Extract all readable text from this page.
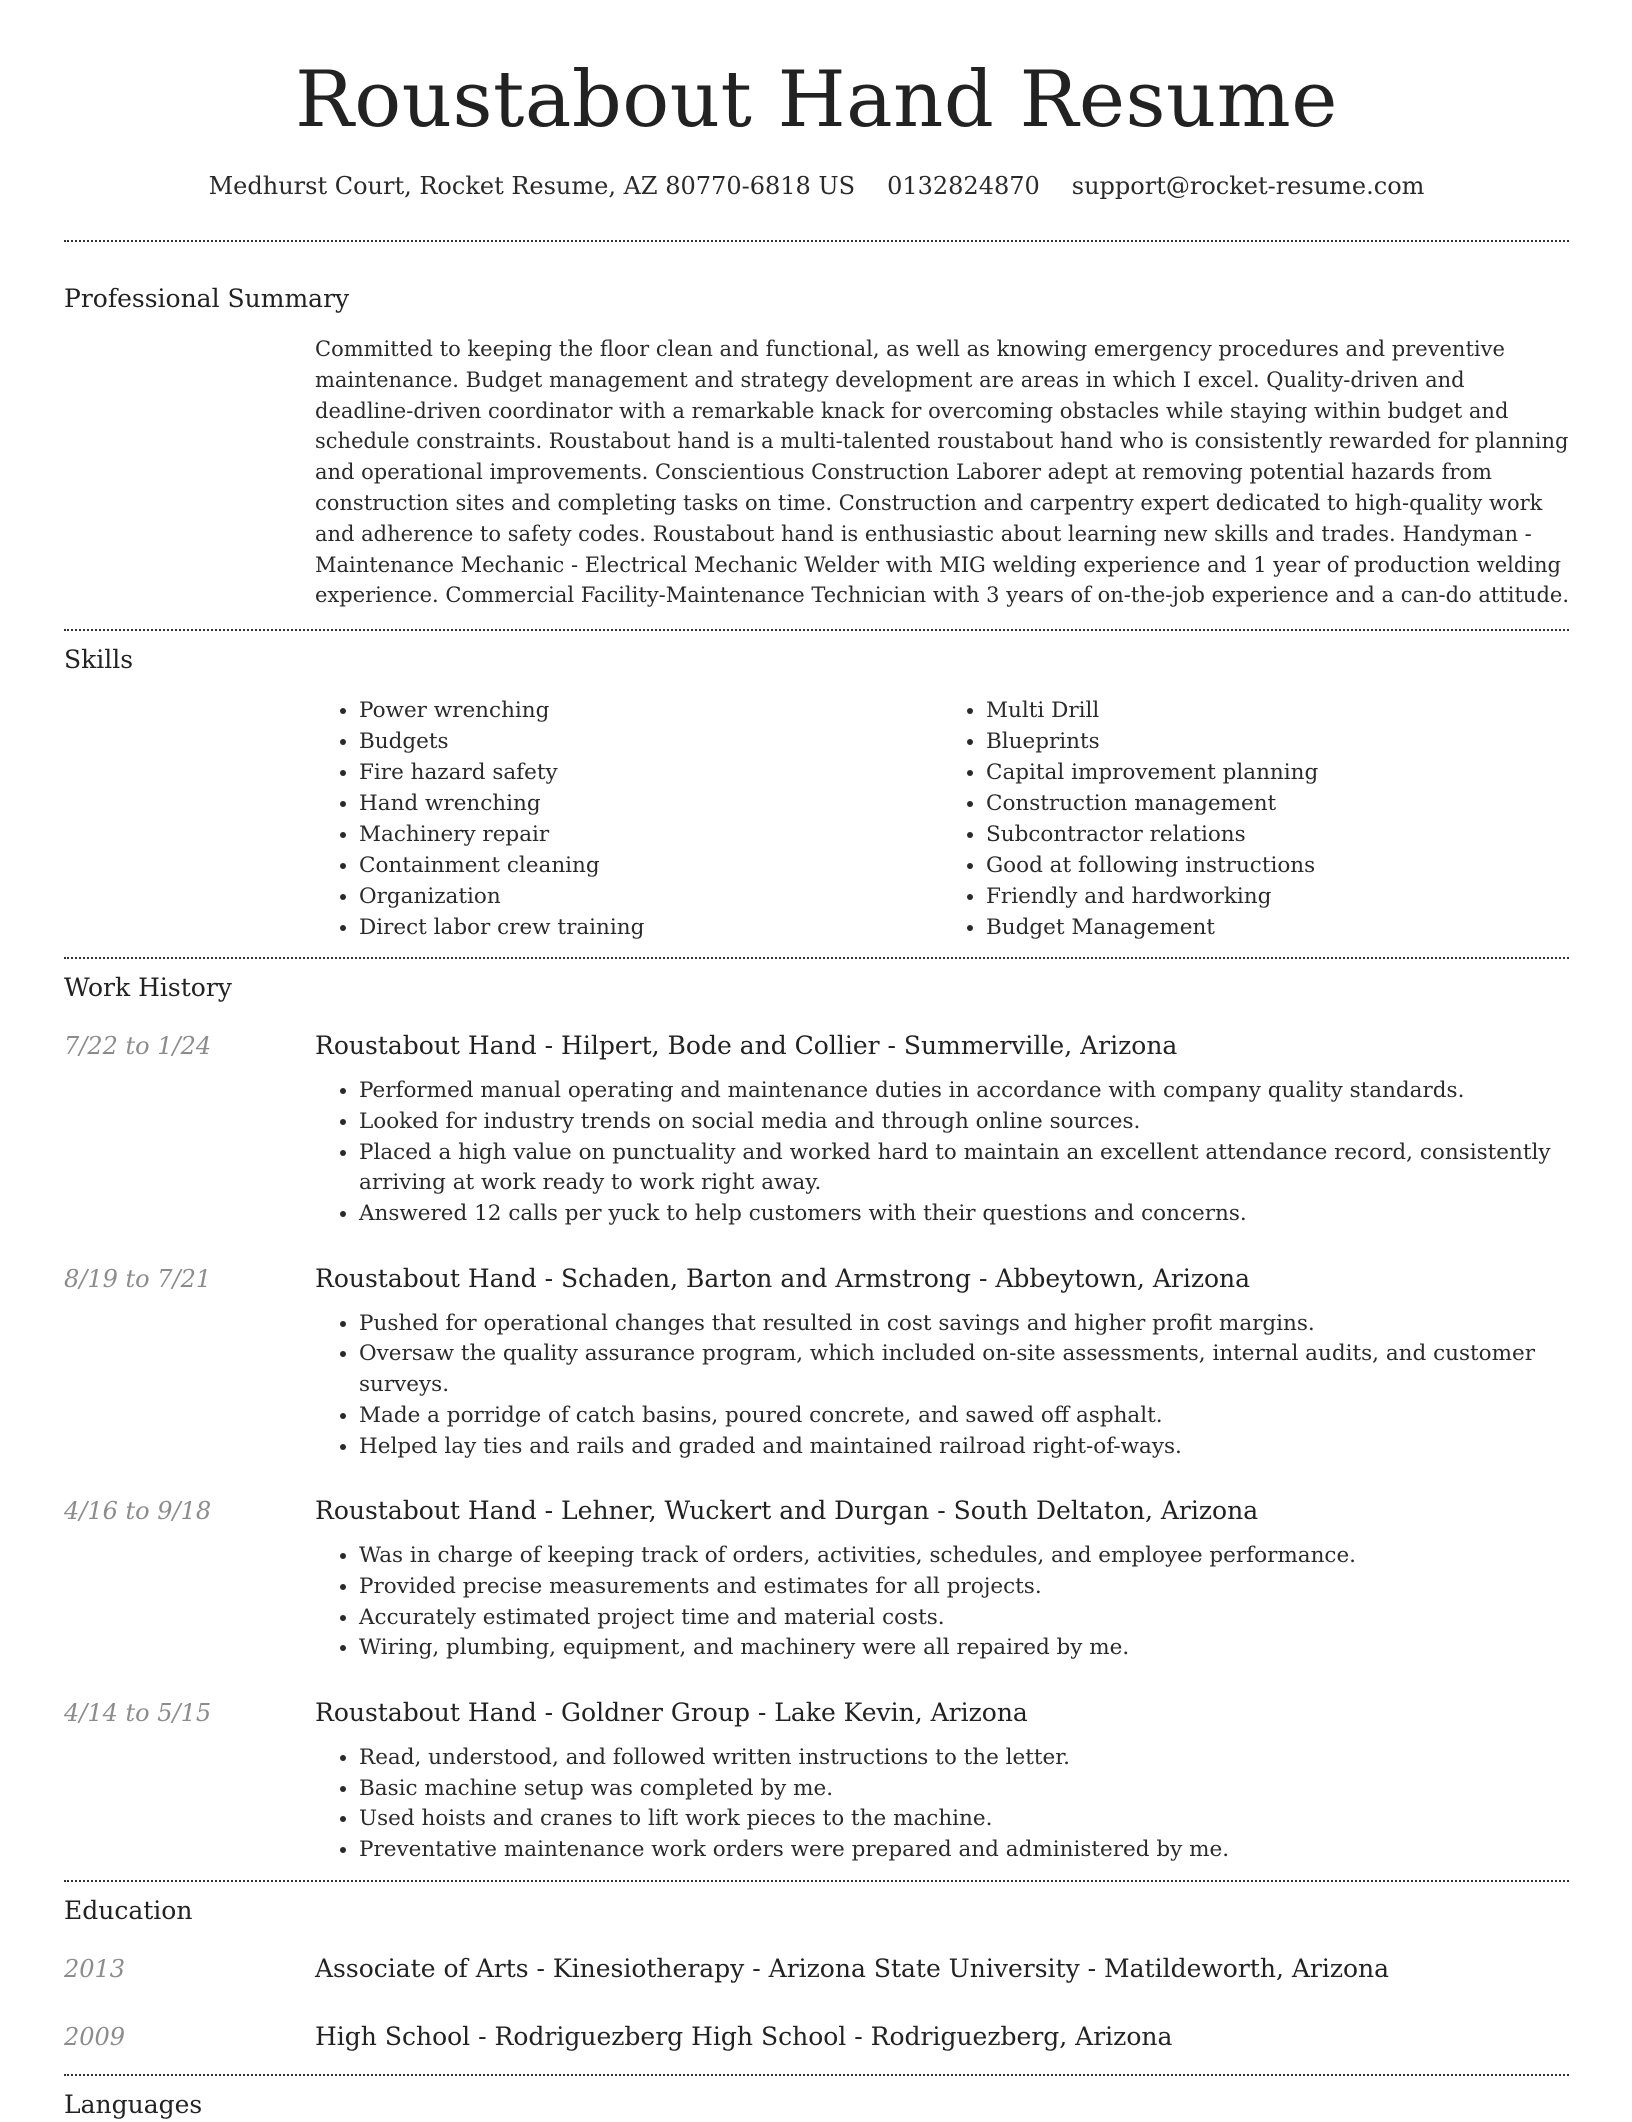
Roustabout Hand Resume
Medhurst Court, Rocket Resume, AZ 80770-6818 US 0132824870 support@rocket-resume.com
Professional Summary

Committed to keeping the floor clean and functional, as well as knowing emergency procedures and preventive maintenance. Budget management and strategy development are areas in which I excel. Quality-driven and deadline-driven coordinator with a remarkable knack for overcoming obstacles while staying within budget and schedule constraints. Roustabout hand is a multi-talented roustabout hand who is consistently rewarded for planning and operational improvements. Conscientious Construction Laborer adept at removing potential hazards from construction sites and completing tasks on time. Construction and carpentry expert dedicated to high-quality work and adherence to safety codes. Roustabout hand is enthusiastic about learning new skills and trades. Handyman - Maintenance Mechanic - Electrical Mechanic Welder with MIG welding experience and 1 year of production welding experience. Commercial Facility-Maintenance Technician with 3 years of on-the-job experience and a can-do attitude.

Skills
• Power wrenching
• Budgets
• Fire hazard safety
• Hand wrenching
• Machinery repair
• Containment cleaning
• Organization
• Direct labor crew training
• Multi Drill
• Blueprints
• Capital improvement planning
• Construction management
• Subcontractor relations
• Good at following instructions
• Friendly and hardworking
• Budget Management
Work History
7/22 to 1/24	Roustabout Hand - Hilpert, Bode and Collier - Summerville, Arizona
• Performed manual operating and maintenance duties in accordance with company quality standards.
• Looked for industry trends on social media and through online sources.
• Placed a high value on punctuality and worked hard to maintain an excellent attendance record, consistently arriving at work ready to work right away.
• Answered 12 calls per yuck to help customers with their questions and concerns.
8/19 to 7/21	Roustabout Hand - Schaden, Barton and Armstrong - Abbeytown, Arizona
• Pushed for operational changes that resulted in cost savings and higher profit margins.
• Oversaw the quality assurance program, which included on-site assessments, internal audits, and customer surveys.
• Made a porridge of catch basins, poured concrete, and sawed off asphalt.
• Helped lay ties and rails and graded and maintained railroad right-of-ways.
4/16 to 9/18	Roustabout Hand - Lehner, Wuckert and Durgan - South Deltaton, Arizona
• Was in charge of keeping track of orders, activities, schedules, and employee performance.
• Provided precise measurements and estimates for all projects.
• Accurately estimated project time and material costs.
• Wiring, plumbing, equipment, and machinery were all repaired by me.
4/14 to 5/15	Roustabout Hand - Goldner Group - Lake Kevin, Arizona
• Read, understood, and followed written instructions to the letter.
• Basic machine setup was completed by me.
• Used hoists and cranes to lift work pieces to the machine.
• Preventative maintenance work orders were prepared and administered by me.
Education
2013	Associate of Arts - Kinesiotherapy - Arizona State University - Matildeworth, Arizona
2009	High School - Rodriguezberg High School - Rodriguezberg, Arizona
Languages
